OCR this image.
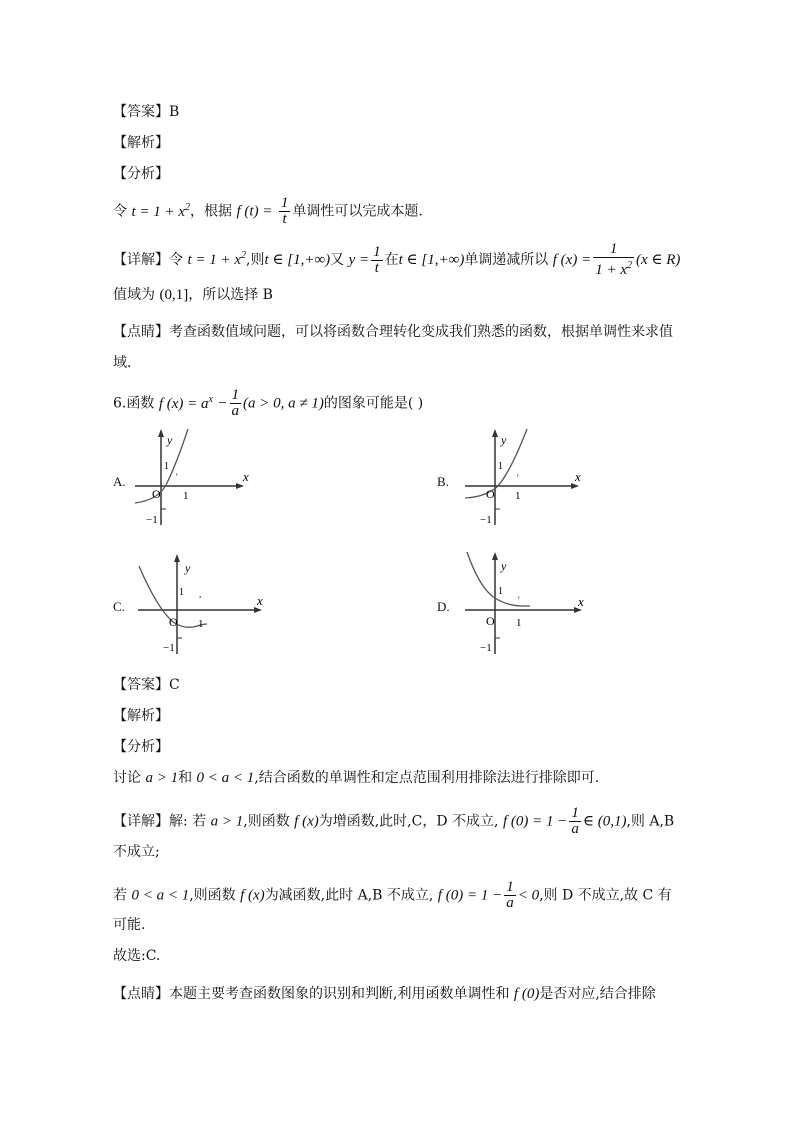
【答案】B
【解析】
【分析】
令 $t = 1 + x^2$，根据 f $(t) = \frac{1}{t}$ 单调性可以完成本题.
【详解】令 $t = 1 + x^2$,则t ∈ [1,+∞)又 $y = \frac{1}{t}$ 在t ∈ [1,+∞)单调递减所以 f $(x) = \frac{1}{1 + x^2} (x$ ∈ R)
值域为 (0,1]，所以选择 B
【点睛】考查函数值域问题，可以将函数合理转化变成我们熟悉的函数，根据单调性来求值
域.
6.函数 f $(x) = a^x - \frac{1}{a} (a > 0$, a ≠ 1)的图象可能是( )
A.	B.
C.	D.
'	x
y
O 1
1
−1
'	x
y
O 1
1
−1
,	x
y
O 1
1
−1
'	x
y
O 1
1
−1
【答案】C
【解析】
【分析】
讨论 a > 1和 0 < a < 1,结合函数的单调性和定点范围利用排除法进行排除即可.
【详解】解: 若 a > 1,则函数 f (x)为增函数,此时,C，D 不成立, f $(0) = 1 - \frac{1}{a}$ ∈ (0,1),则 A,B
不成立;
若 0 < a < 1,则函数 f (x)为减函数,此时 A,B 不成立, f $(0) = 1 - \frac{1}{a} < 0$,则 D 不成立,故 C 有
可能.
故选:C.
【点睛】本题主要考查函数图象的识别和判断,利用函数单调性和 f (0)是否对应,结合排除
